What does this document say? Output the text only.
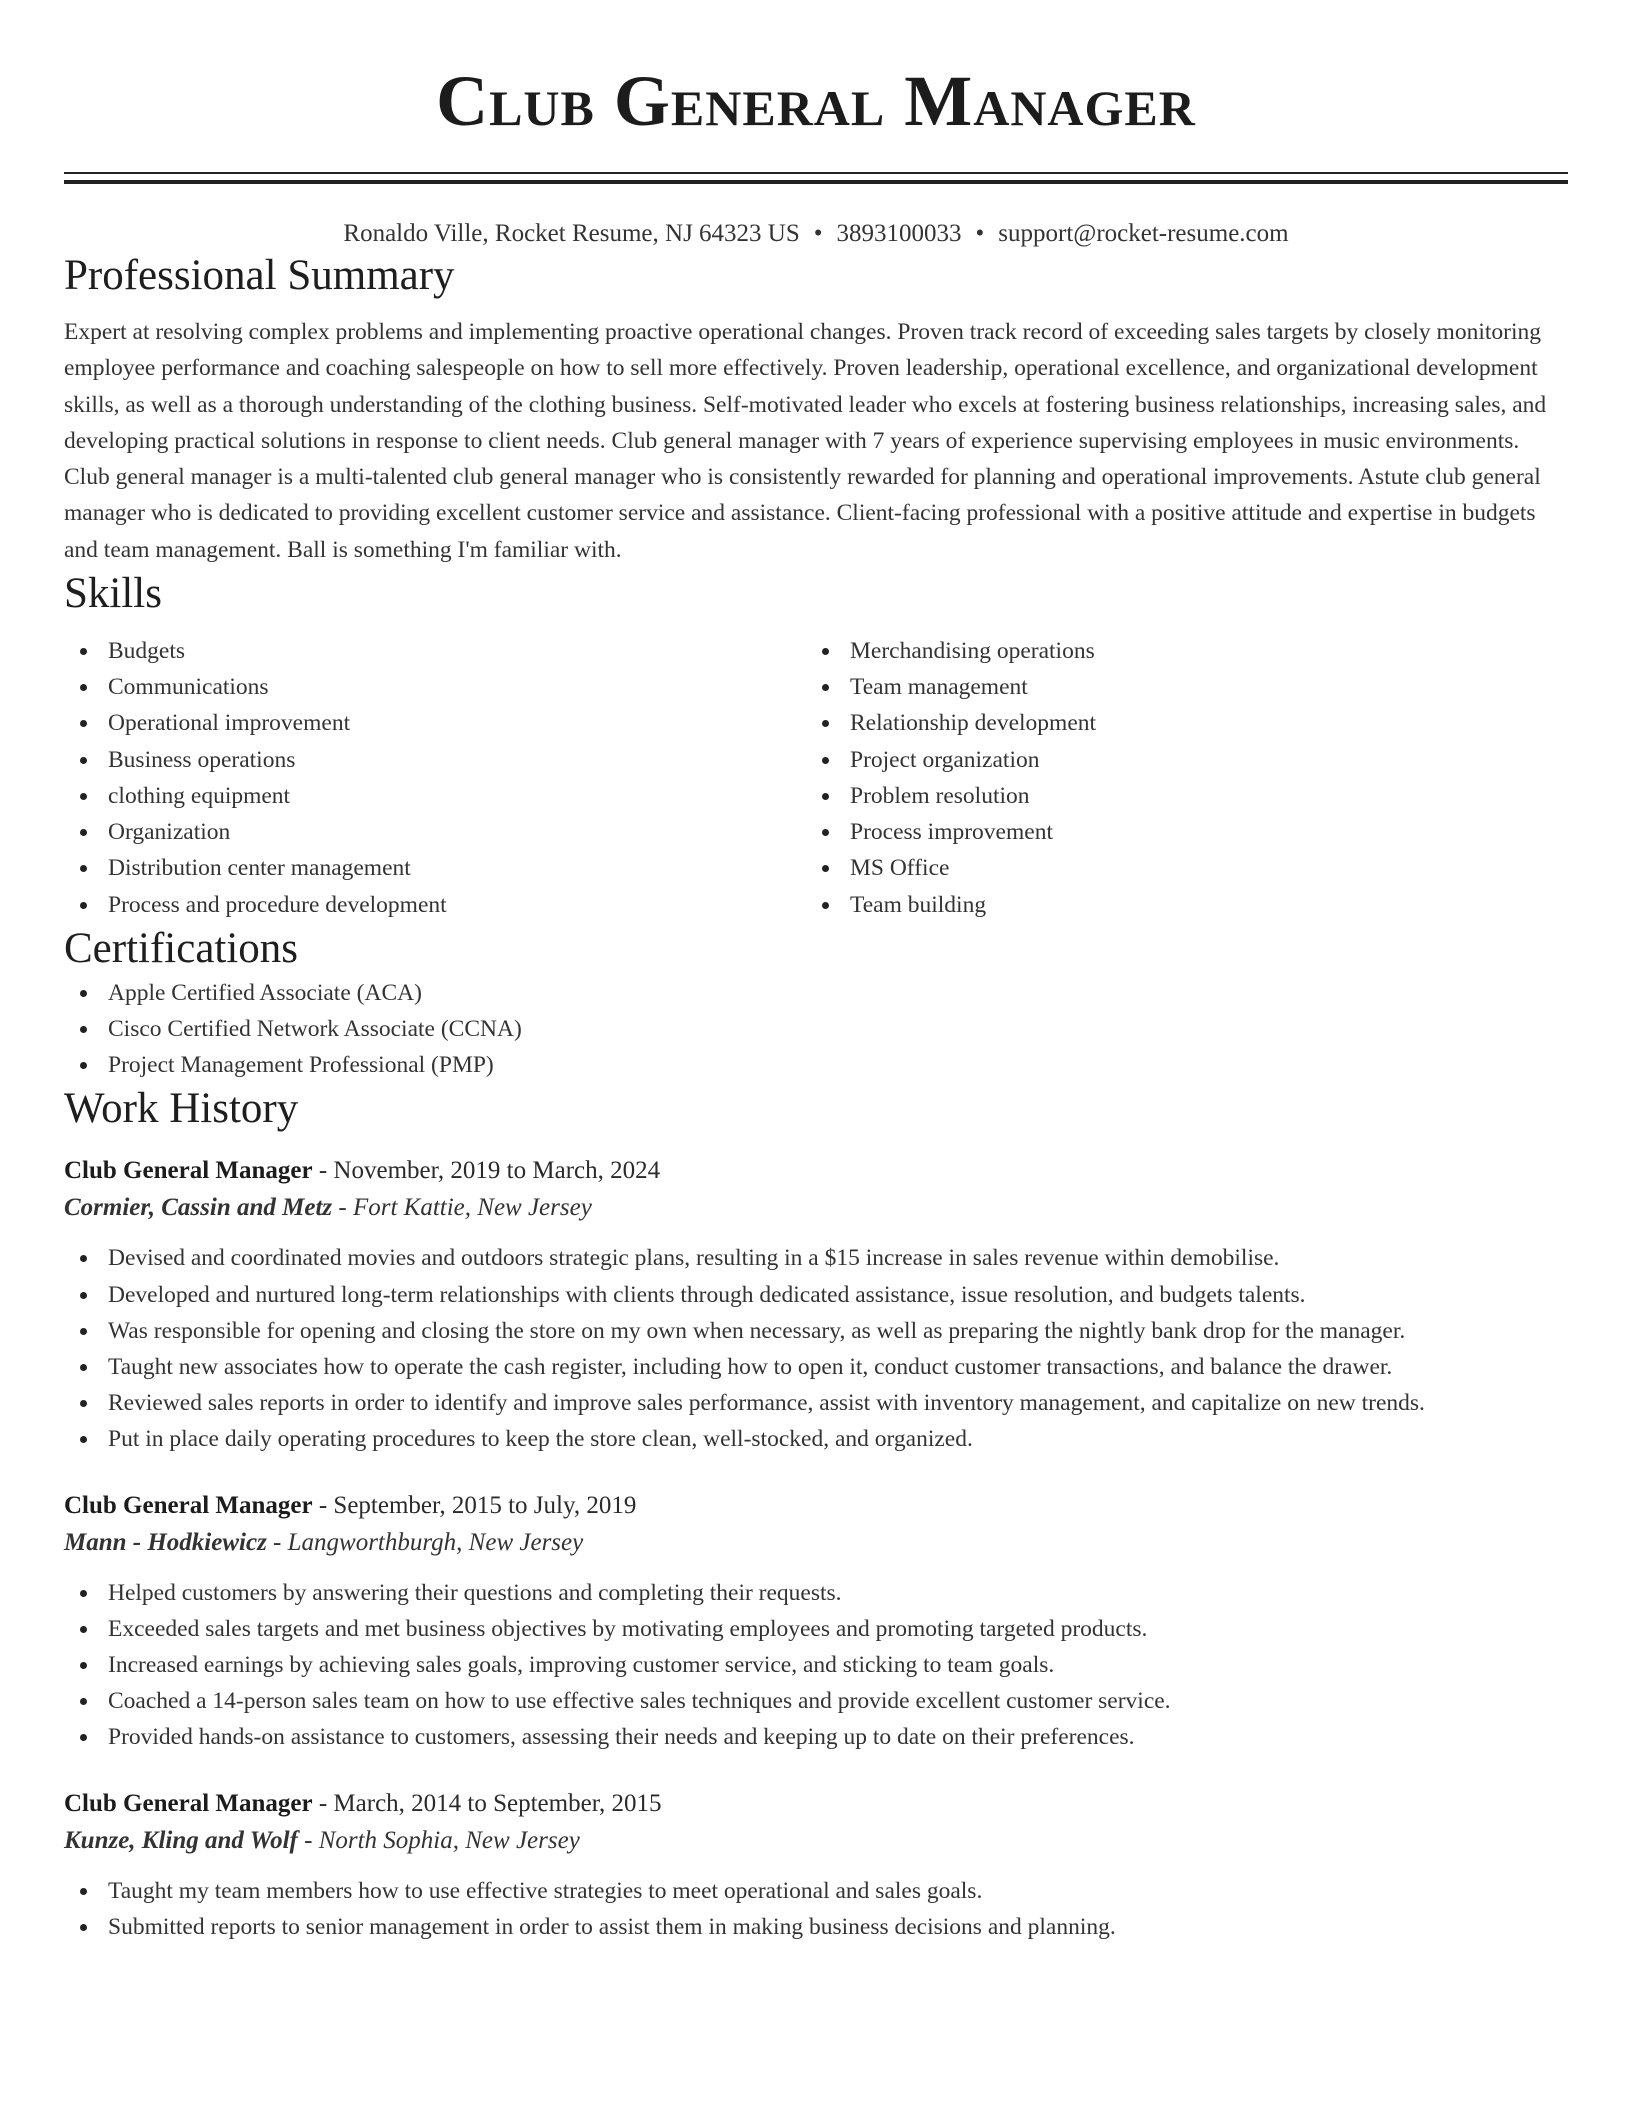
Club General Manager
Ronaldo Ville, Rocket Resume, NJ 64323 US • 3893100033 • support@rocket-resume.com
Professional Summary
Expert at resolving complex problems and implementing proactive operational changes. Proven track record of exceeding sales targets by closely monitoring employee performance and coaching salespeople on how to sell more effectively. Proven leadership, operational excellence, and organizational development skills, as well as a thorough understanding of the clothing business. Self-motivated leader who excels at fostering business relationships, increasing sales, and developing practical solutions in response to client needs. Club general manager with 7 years of experience supervising employees in music environments. Club general manager is a multi-talented club general manager who is consistently rewarded for planning and operational improvements. Astute club general manager who is dedicated to providing excellent customer service and assistance. Client-facing professional with a positive attitude and expertise in budgets and team management. Ball is something I'm familiar with.
Skills
Budgets
Communications
Operational improvement
Business operations
clothing equipment
Organization
Distribution center management
Process and procedure development
Merchandising operations
Team management
Relationship development
Project organization
Problem resolution
Process improvement
MS Office
Team building
Certifications
Apple Certified Associate (ACA)
Cisco Certified Network Associate (CCNA)
Project Management Professional (PMP)
Work History
Club General Manager - November, 2019 to March, 2024
Cormier, Cassin and Metz - Fort Kattie, New Jersey
Devised and coordinated movies and outdoors strategic plans, resulting in a $15 increase in sales revenue within demobilise.
Developed and nurtured long-term relationships with clients through dedicated assistance, issue resolution, and budgets talents.
Was responsible for opening and closing the store on my own when necessary, as well as preparing the nightly bank drop for the manager.
Taught new associates how to operate the cash register, including how to open it, conduct customer transactions, and balance the drawer.
Reviewed sales reports in order to identify and improve sales performance, assist with inventory management, and capitalize on new trends.
Put in place daily operating procedures to keep the store clean, well-stocked, and organized.
Club General Manager - September, 2015 to July, 2019
Mann - Hodkiewicz - Langworthburgh, New Jersey
Helped customers by answering their questions and completing their requests.
Exceeded sales targets and met business objectives by motivating employees and promoting targeted products.
Increased earnings by achieving sales goals, improving customer service, and sticking to team goals.
Coached a 14-person sales team on how to use effective sales techniques and provide excellent customer service.
Provided hands-on assistance to customers, assessing their needs and keeping up to date on their preferences.
Club General Manager - March, 2014 to September, 2015
Kunze, Kling and Wolf - North Sophia, New Jersey
Taught my team members how to use effective strategies to meet operational and sales goals.
Submitted reports to senior management in order to assist them in making business decisions and planning.
